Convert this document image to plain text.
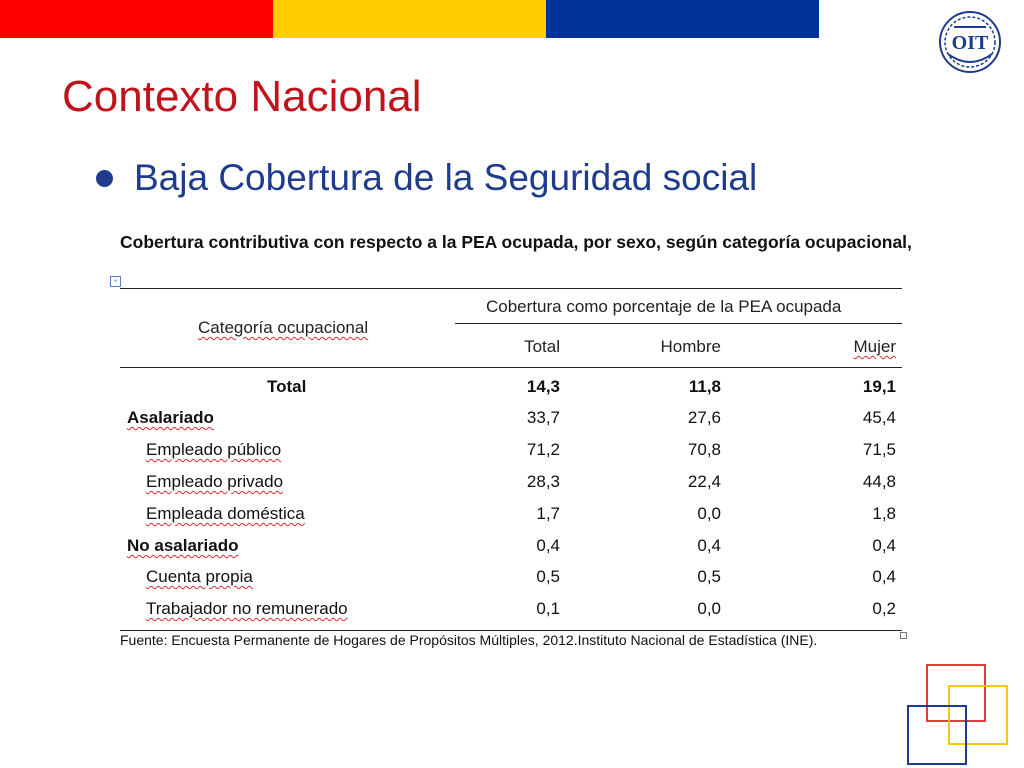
OIT
Contexto Nacional
Baja Cobertura de la Seguridad social
Cobertura contributiva con respecto a la PEA ocupada, por sexo, según categoría ocupacional,
+
Categoría ocupacional
Cobertura como porcentaje de la PEA ocupada
Total	Hombre	Mujer
Total	14,3	11,8	19,1
Asalariado	33,7	27,6	45,4
Empleado público	71,2	70,8	71,5
Empleado privado	28,3	22,4	44,8
Empleada doméstica	1,7	0,0	1,8
No asalariado	0,4	0,4	0,4
Cuenta propia	0,5	0,5	0,4
Trabajador no remunerado	0,1	0,0	0,2
Fuente: Encuesta Permanente de Hogares de Propósitos Múltiples, 2012.Instituto Nacional de Estadística (INE).
